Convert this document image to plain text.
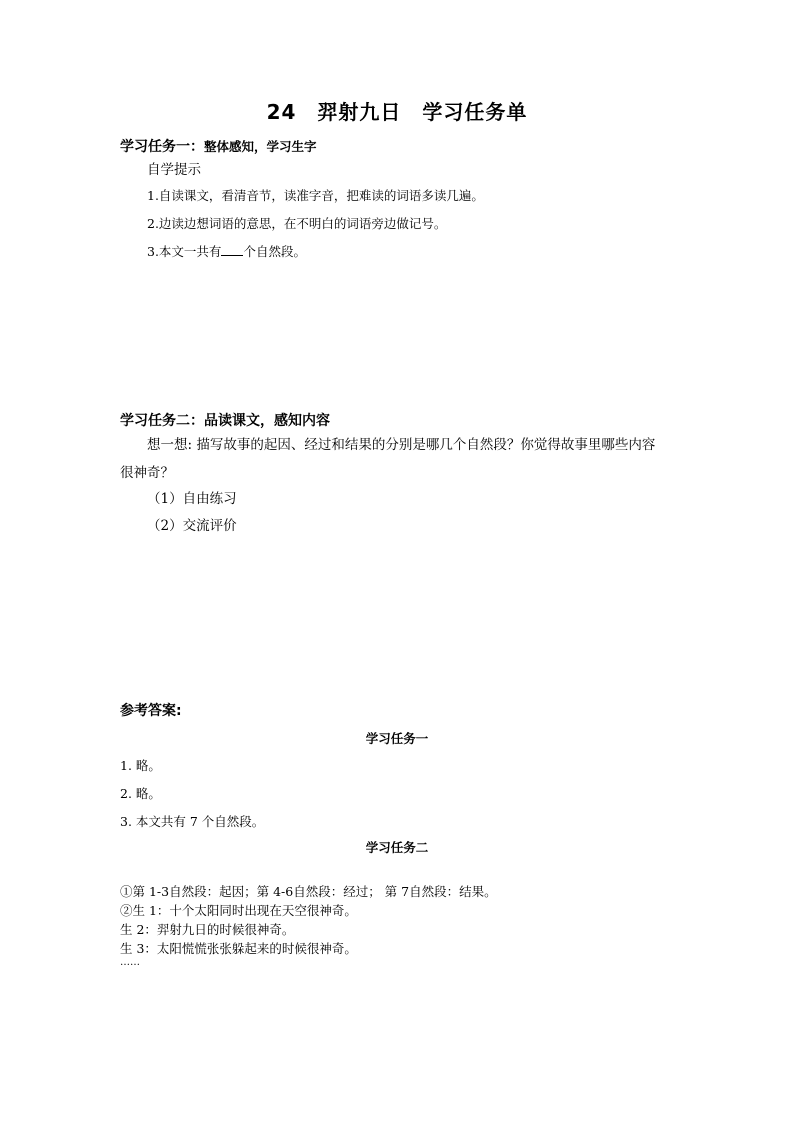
24　羿射九日　学习任务单
学习任务一：整体感知，学习生字
自学提示
1.自读课文，看清音节，读准字音，把难读的词语多读几遍。
2.边读边想词语的意思，在不明白的词语旁边做记号。
3.本文一共有 个自然段。
学习任务二：品读课文，感知内容
想一想: 描写故事的起因、经过和结果的分别是哪几个自然段？你觉得故事里哪些内容
很神奇？
（1）自由练习
（2）交流评价
参考答案:
学习任务一
1. 略。
2. 略。
3. 本文共有 7 个自然段。
学习任务二
①第 1-3自然段：起因；第 4-6自然段：经过； 第 7自然段：结果。
②生 1：十个太阳同时出现在天空很神奇。
生 2：羿射九日的时候很神奇。
生 3：太阳慌慌张张躲起来的时候很神奇。
……
